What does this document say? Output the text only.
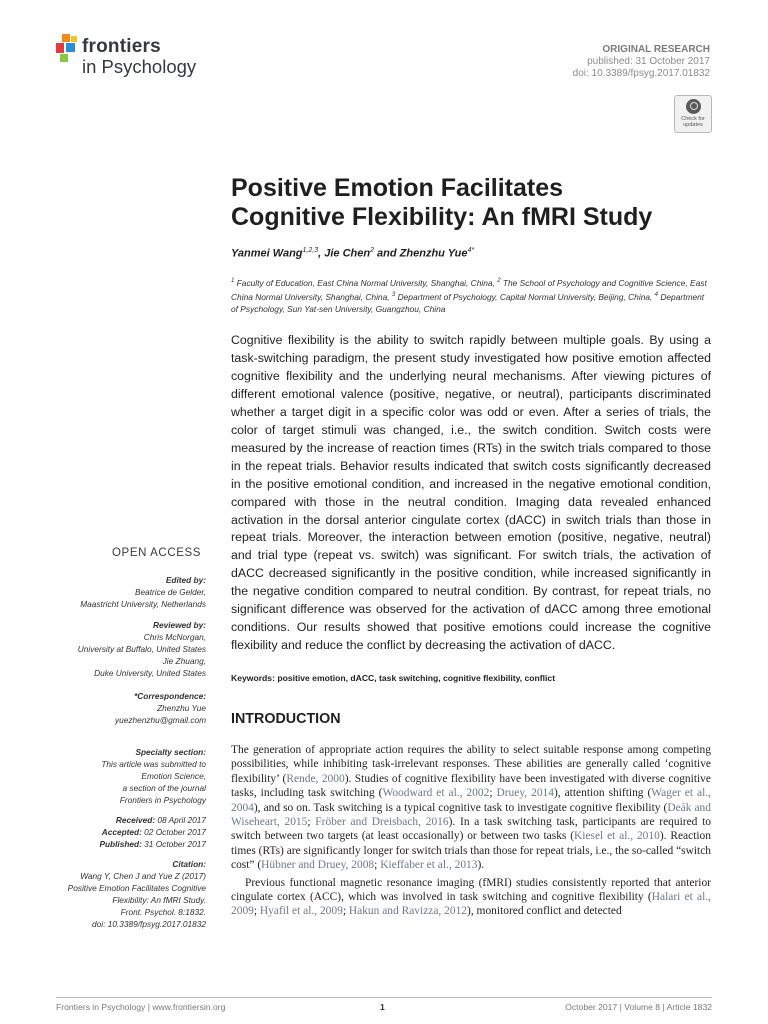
frontiers
in Psychology
ORIGINAL RESEARCH
published: 31 October 2017
doi: 10.3389/fpsyg.2017.01832
Check for updates
Positive Emotion Facilitates
Cognitive Flexibility: An fMRI Study
Yanmei Wang$^{1,2,3}$, Jie Chen$^2$ and Zhenzhu Yue$^{4*}$
$^1$ Faculty of Education, East China Normal University, Shanghai, China, $^2$ The School of Psychology and Cognitive Science, East China Normal University, Shanghai, China, $^3$ Department of Psychology, Capital Normal University, Beijing, China, $^4$ Department of Psychology, Sun Yat-sen University, Guangzhou, China
Cognitive flexibility is the ability to switch rapidly between multiple goals. By using a task-switching paradigm, the present study investigated how positive emotion affected cognitive flexibility and the underlying neural mechanisms. After viewing pictures of different emotional valence (positive, negative, or neutral), participants discriminated whether a target digit in a specific color was odd or even. After a series of trials, the color of target stimuli was changed, i.e., the switch condition. Switch costs were measured by the increase of reaction times (RTs) in the switch trials compared to those in the repeat trials. Behavior results indicated that switch costs significantly decreased in the positive emotional condition, and increased in the negative emotional condition, compared with those in the neutral condition. Imaging data revealed enhanced activation in the dorsal anterior cingulate cortex (dACC) in switch trials than those in repeat trials. Moreover, the interaction between emotion (positive, negative, neutral) and trial type (repeat vs. switch) was significant. For switch trials, the activation of dACC decreased significantly in the positive condition, while increased significantly in the negative condition compared to neutral condition. By contrast, for repeat trials, no significant difference was observed for the activation of dACC among three emotional conditions. Our results showed that positive emotions could increase the cognitive flexibility and reduce the conflict by decreasing the activation of dACC.
Keywords: positive emotion, dACC, task switching, cognitive flexibility, conflict
OPEN ACCESS
Edited by:
Beatrice de Gelder,
Maastricht University, Netherlands
Reviewed by:
Chris McNorgan,
University at Buffalo, United States
Jie Zhuang,
Duke University, United States
*Correspondence:
Zhenzhu Yue
yuezhenzhu@gmail.com
Specialty section:
This article was submitted to
Emotion Science,
a section of the journal
Frontiers in Psychology
Received: 08 April 2017
Accepted: 02 October 2017
Published: 31 October 2017
Citation:
Wang Y, Chen J and Yue Z (2017)
Positive Emotion Facilitates Cognitive
Flexibility: An fMRI Study.
Front. Psychol. 8:1832.
doi: 10.3389/fpsyg.2017.01832
INTRODUCTION

The generation of appropriate action requires the ability to select suitable response among competing possibilities, while inhibiting task-irrelevant responses. These abilities are generally called ‘cognitive flexibility’ (Rende, 2000). Studies of cognitive flexibility have been investigated with diverse cognitive tasks, including task switching (Woodward et al., 2002; Druey, 2014), attention shifting (Wager et al., 2004), and so on. Task switching is a typical cognitive task to investigate cognitive flexibility (Deák and Wiseheart, 2015; Fröber and Dreisbach, 2016). In a task switching task, participants are required to switch between two targets (at least occasionally) or between two tasks (Kiesel et al., 2010). Reaction times (RTs) are significantly longer for switch trials than those for repeat trials, i.e., the so-called “switch cost” (Hübner and Druey, 2008; Kieffaber et al., 2013).

Previous functional magnetic resonance imaging (fMRI) studies consistently reported that anterior cingulate cortex (ACC), which was involved in task switching and cognitive flexibility (Halari et al., 2009; Hyafil et al., 2009; Hakun and Ravizza, 2012), monitored conflict and detected

Frontiers in Psychology | www.frontiersin.org	1	October 2017 | Volume 8 | Article 1832
